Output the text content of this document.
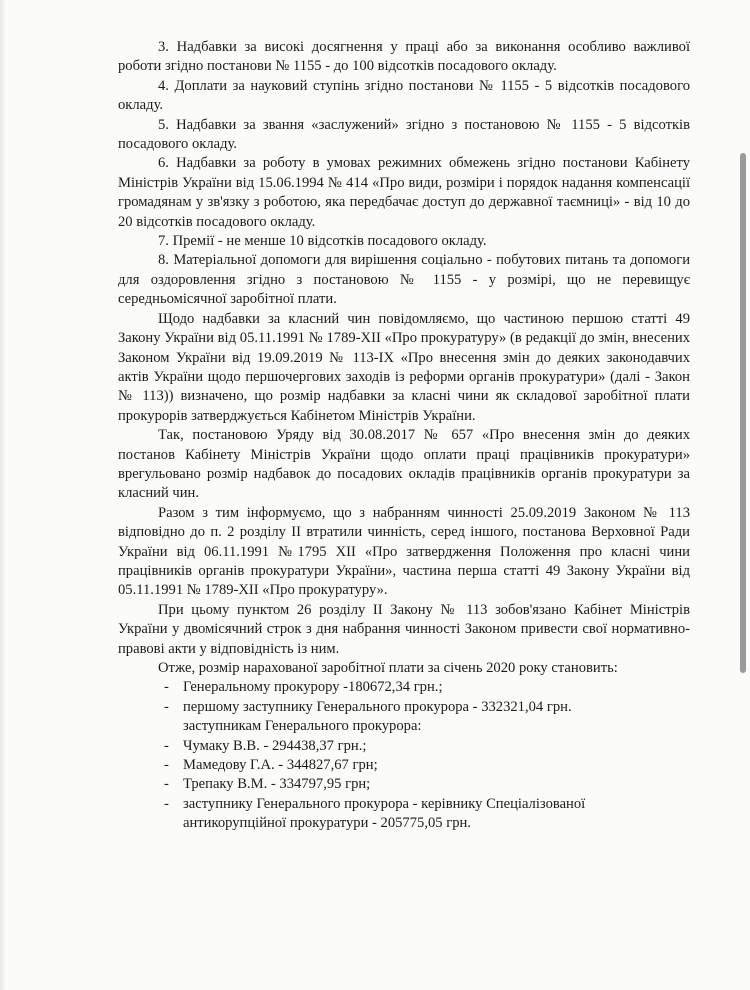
3. Надбавки за високі досягнення у праці або за виконання особливо важливої роботи згідно постанови № 1155 - до 100 відсотків посадового окладу.

4. Доплати за науковий ступінь згідно постанови № 1155 - 5 відсотків посадового окладу.

5. Надбавки за звання «заслужений» згідно з постановою № 1155 - 5 відсотків посадового окладу.

6. Надбавки за роботу в умовах режимних обмежень згідно постанови Кабінету Міністрів України від 15.06.1994 № 414 «Про види, розміри і порядок надання компенсації громадянам у зв'язку з роботою, яка передбачає доступ до державної таємниці» - від 10 до 20 відсотків посадового окладу.

7. Премії - не менше 10 відсотків посадового окладу.

8. Матеріальної допомоги для вирішення соціально - побутових питань та допомоги для оздоровлення згідно з постановою № 1155 - у розмірі, що не перевищує середньомісячної заробітної плати.

Щодо надбавки за класний чин повідомляємо, що частиною першою статті 49 Закону України від 05.11.1991 № 1789-XII «Про прокуратуру» (в редакції до змін, внесених Законом України від 19.09.2019 № 113-ІХ «Про внесення змін до деяких законодавчих актів України щодо першочергових заходів із реформи органів прокуратури» (далі - Закон № 113)) визначено, що розмір надбавки за класні чини як складової заробітної плати прокурорів затверджується Кабінетом Міністрів України.

Так, постановою Уряду від 30.08.2017 № 657 «Про внесення змін до деяких постанов Кабінету Міністрів України щодо оплати праці працівників прокуратури» врегульовано розмір надбавок до посадових окладів працівників органів прокуратури за класний чин.

Разом з тим інформуємо, що з набранням чинності 25.09.2019 Законом № 113 відповідно до п. 2 розділу II втратили чинність, серед іншого, постанова Верховної Ради України від 06.11.1991 №1795 XII «Про затвердження Положення про класні чини працівників органів прокуратури України», частина перша статті 49 Закону України від 05.11.1991 № 1789-XII «Про прокуратуру».

При цьому пунктом 26 розділу II Закону № 113 зобов'язано Кабінет Міністрів України у двомісячний строк з дня набрання чинності Законом привести свої нормативно-правові акти у відповідність із ним.

Отже, розмір нарахованої заробітної плати за січень 2020 року становить:

- Генеральному прокурору -180672,34 грн.;
- першому заступнику Генерального прокурора - 332321,04 грн.
заступникам Генерального прокурора:
- Чумаку В.В. - 294438,37 грн.;
- Мамедову Г.А. - 344827,67 грн;
- Трепаку В.М. - 334797,95 грн;
- заступнику Генерального прокурора - керівнику Спеціалізованої антикорупційної прокуратури - 205775,05 грн.
